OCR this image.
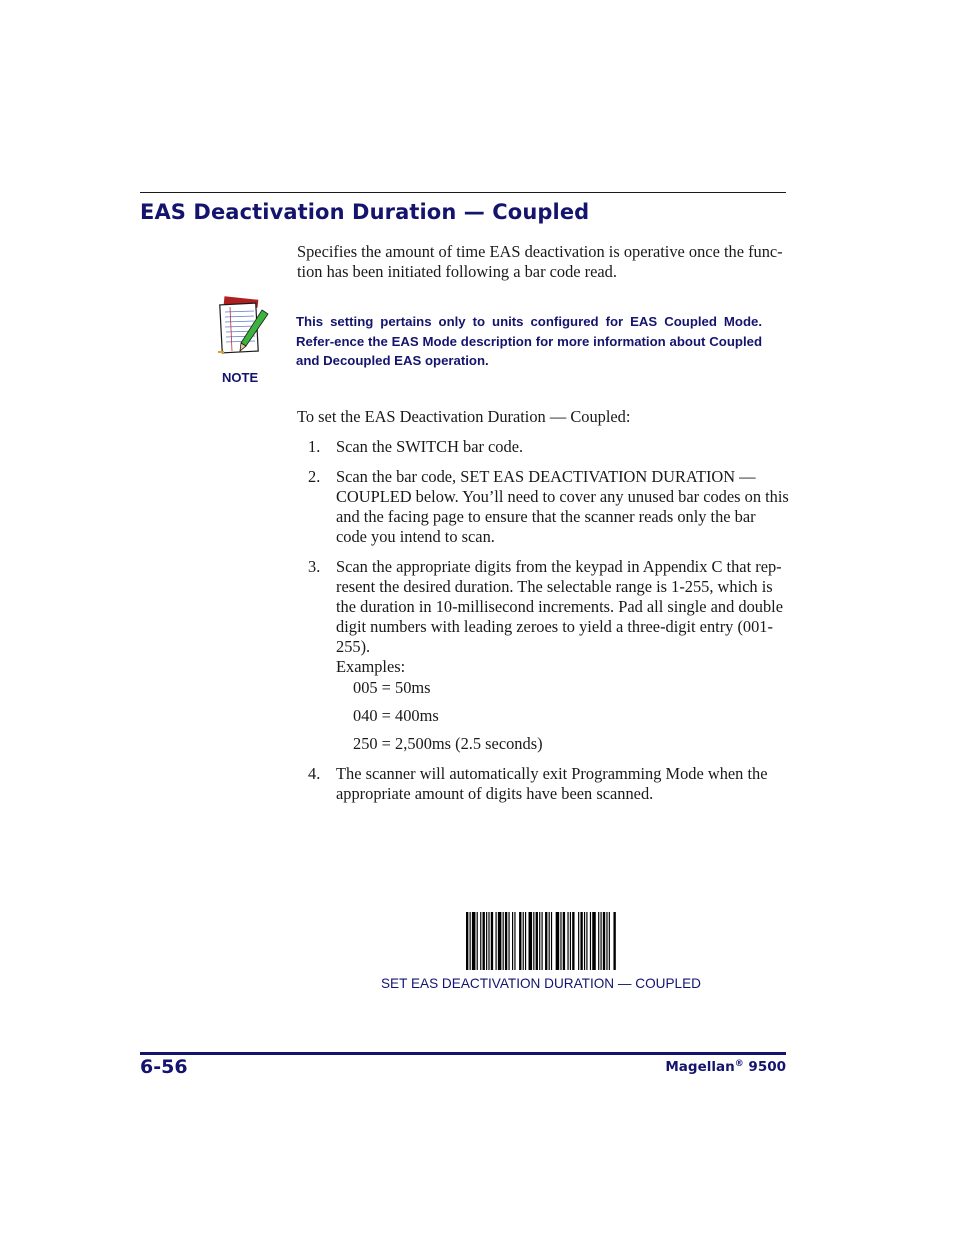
EAS Deactivation Duration — Coupled

Specifies the amount of time EAS deactivation is operative once the func-tion has been initiated following a bar code read.

NOTE

This setting pertains only to units configured for EAS Coupled Mode. Refer-ence the EAS Mode description for more information about Coupled and Decoupled EAS operation.

To set the EAS Deactivation Duration — Coupled:

1. Scan the SWITCH bar code.
2. Scan the bar code, SET EAS DEACTIVATION DURATION — COUPLED below. You’ll need to cover any unused bar codes on this and the facing page to ensure that the scanner reads only the bar code you intend to scan.
3. Scan the appropriate digits from the keypad in Appendix C that rep-resent the desired duration. The selectable range is 1-255, which is the duration in 10-millisecond increments. Pad all single and double digit numbers with leading zeroes to yield a three-digit entry (001-255).
Examples:
005 = 50ms
040 = 400ms
250 = 2,500ms (2.5 seconds)
4. The scanner will automatically exit Programming Mode when the appropriate amount of digits have been scanned.
SET EAS DEACTIVATION DURATION — COUPLED
6-56	Magellan® 9500
